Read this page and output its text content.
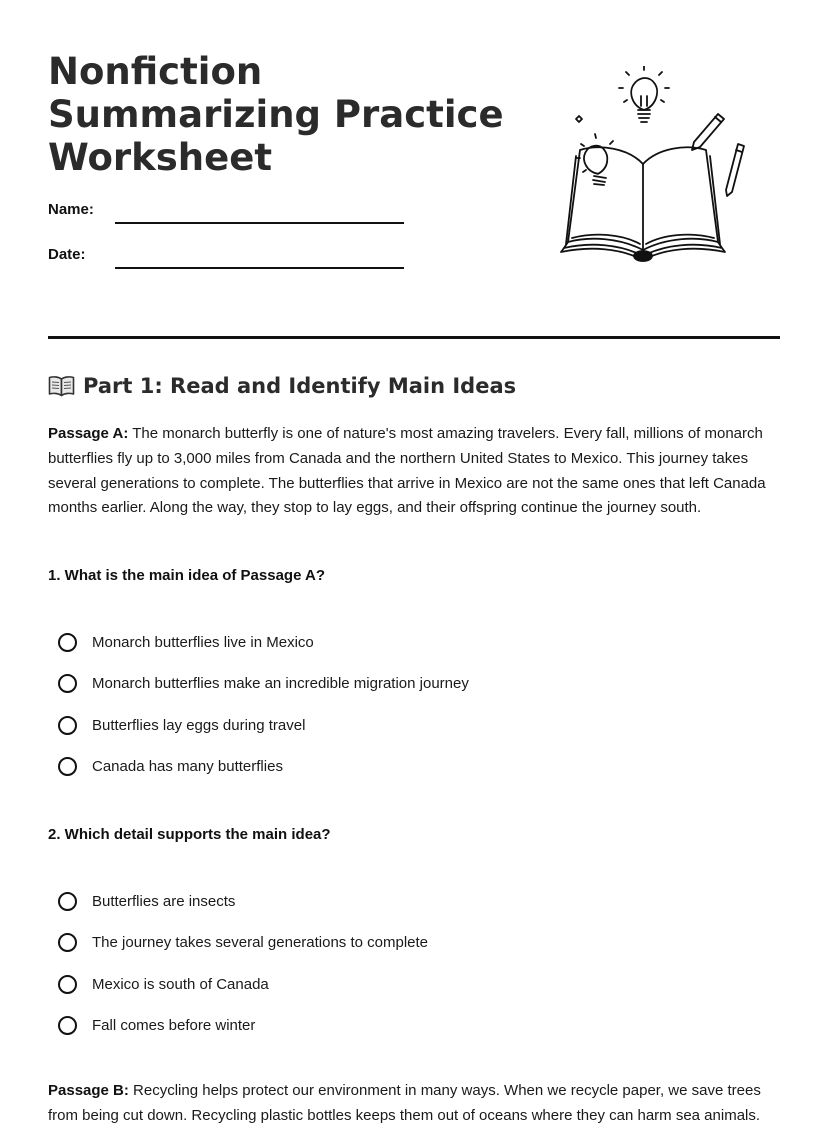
Nonfiction
Summarizing Practice
Worksheet
Name:
Date:
Part 1: Read and Identify Main Ideas

Passage A: The monarch butterfly is one of nature's most amazing travelers. Every fall, millions of monarch butterflies fly up to 3,000 miles from Canada and the northern United States to Mexico. This journey takes several generations to complete. The butterflies that arrive in Mexico are not the same ones that left Canada months earlier. Along the way, they stop to lay eggs, and their offspring continue the journey south.

1. What is the main idea of Passage A?

Monarch butterflies live in Mexico
Monarch butterflies make an incredible migration journey
Butterflies lay eggs during travel
Canada has many butterflies

2. Which detail supports the main idea?

Butterflies are insects
The journey takes several generations to complete
Mexico is south of Canada
Fall comes before winter

Passage B: Recycling helps protect our environment in many ways. When we recycle paper, we save trees from being cut down. Recycling plastic bottles keeps them out of oceans where they can harm sea animals.
